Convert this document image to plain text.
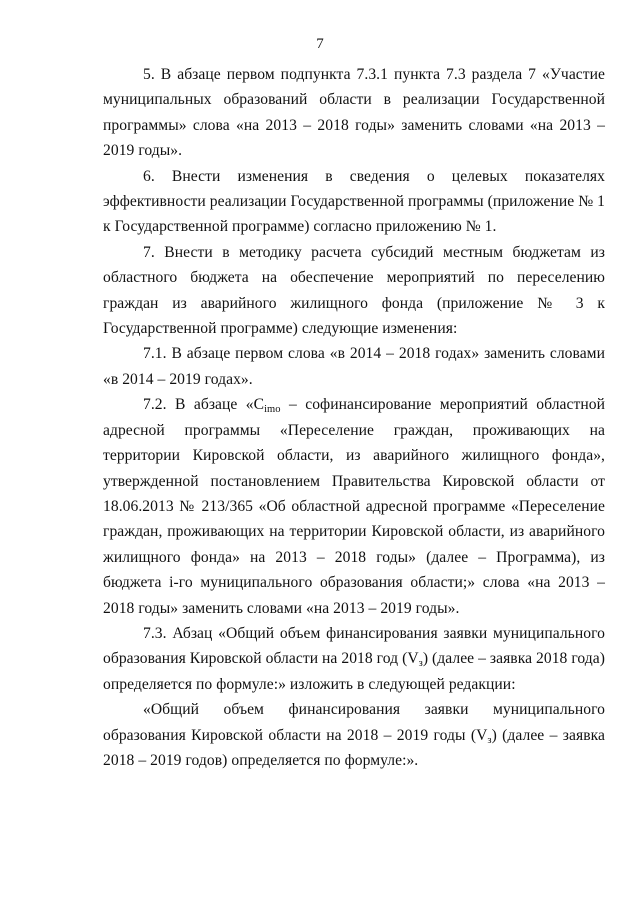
7

5. В абзаце первом подпункта 7.3.1 пункта 7.3 раздела 7 «Участие муниципальных образований области в реализации Государственной программы» слова «на 2013 – 2018 годы» заменить словами «на 2013 – 2019 годы».

6. Внести изменения в сведения о целевых показателях эффективности реализации Государственной программы (приложение № 1 к Государственной программе) согласно приложению № 1.

7. Внести в методику расчета субсидий местным бюджетам из областного бюджета на обеспечение мероприятий по переселению граждан из аварийного жилищного фонда (приложение № 3 к Государственной программе) следующие изменения:

7.1. В абзаце первом слова «в 2014 – 2018 годах» заменить словами «в 2014 – 2019 годах».

7.2. В абзаце «$C_{imo}$ – софинансирование мероприятий областной адресной программы «Переселение граждан, проживающих на территории Кировской области, из аварийного жилищного фонда», утвержденной постановлением Правительства Кировской области от 18.06.2013 № 213/365 «Об областной адресной программе «Переселение граждан, проживающих на территории Кировской области, из аварийного жилищного фонда» на 2013 – 2018 годы» (далее – Программа), из бюджета i-го муниципального образования области;» слова «на 2013 – 2018 годы» заменить словами «на 2013 – 2019 годы».

7.3. Абзац «Общий объем финансирования заявки муниципального образования Кировской области на 2018 год $(V_з)$ (далее – заявка 2018 года) определяется по формуле:» изложить в следующей редакции:

«Общий объем финансирования заявки муниципального образования Кировской области на 2018 – 2019 годы $(V_з)$ (далее – заявка 2018 – 2019 годов) определяется по формуле:».
